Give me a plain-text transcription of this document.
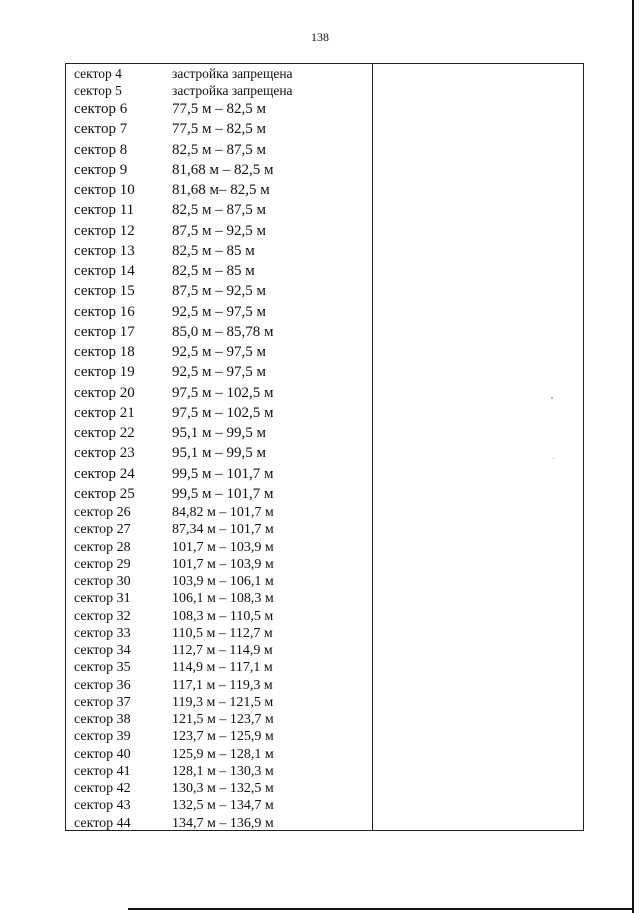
138
сектор 4	застройка запрещена
сектор 5	застройка запрещена
сектор 6	77,5 м – 82,5 м
сектор 7	77,5 м – 82,5 м
сектор 8	82,5 м – 87,5 м
сектор 9	81,68 м – 82,5 м
сектор 10 81,68 м– 82,5 м
сектор 11	82,5 м – 87,5 м
сектор 12 87,5 м – 92,5 м
сектор 13 82,5 м – 85 м
сектор 14 82,5 м – 85 м
сектор 15 87,5 м – 92,5 м
сектор 16 92,5 м – 97,5 м
сектор 17 85,0 м – 85,78 м
сектор 18 92,5 м – 97,5 м
сектор 19 92,5 м – 97,5 м
сектор 20 97,5 м – 102,5 м
сектор 21 97,5 м – 102,5 м
сектор 22 95,1 м – 99,5 м
сектор 23 95,1 м – 99,5 м
сектор 24 99,5 м – 101,7 м
сектор 25 99,5 м – 101,7 м
сектор 26	84,82 м – 101,7 м
сектор 27	87,34 м – 101,7 м
сектор 28	101,7 м – 103,9 м
сектор 29	101,7 м – 103,9 м
сектор 30	103,9 м – 106,1 м
сектор 31	106,1 м – 108,3 м
сектор 32	108,3 м – 110,5 м
сектор 33	110,5 м – 112,7 м
сектор 34	112,7 м – 114,9 м
сектор 35	114,9 м – 117,1 м
сектор 36	117,1 м – 119,3 м
сектор 37	119,3 м – 121,5 м
сектор 38	121,5 м – 123,7 м
сектор 39	123,7 м – 125,9 м
сектор 40	125,9 м – 128,1 м
сектор 41	128,1 м – 130,3 м
сектор 42	130,3 м – 132,5 м
сектор 43	132,5 м – 134,7 м
сектор 44	134,7 м – 136,9 м
